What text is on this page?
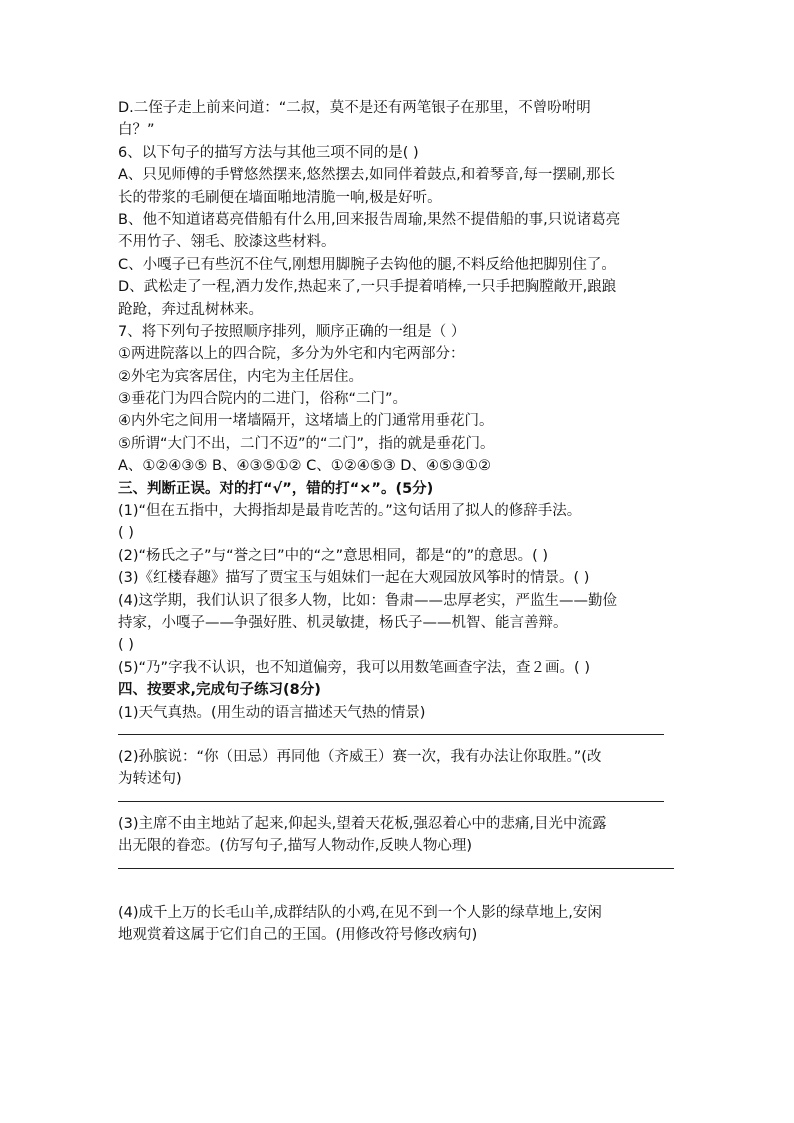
D.二侄子走上前来问道：“二叔，莫不是还有两笔银子在那里，不曾吩咐明
白？”
6、以下句子的描写方法与其他三项不同的是( )
A、只见师傅的手臂悠然摆来,悠然摆去,如同伴着鼓点,和着琴音,每一摆刷,那长
长的带浆的毛刷便在墙面啪地清脆一响,极是好听。
B、他不知道诸葛亮借船有什么用,回来报告周瑜,果然不提借船的事,只说诸葛亮
不用竹子、翎毛、胶漆这些材料。
C、小嘎子已有些沉不住气,刚想用脚腕子去钩他的腿,不料反给他把脚别住了。
D、武松走了一程,酒力发作,热起来了,一只手提着哨棒,一只手把胸膛敞开,踉踉
跄跄，奔过乱树林来。
7、将下列句子按照顺序排列，顺序正确的一组是（ ）
①两进院落以上的四合院，多分为外宅和内宅两部分：
②外宅为宾客居住，内宅为主任居住。
③垂花门为四合院内的二进门，俗称“二门”。
④内外宅之间用一堵墙隔开，这堵墙上的门通常用垂花门。
⑤所谓“大门不出，二门不迈”的“二门”，指的就是垂花门。
A、①②④③⑤ B、④③⑤①② C、①②④⑤③ D、④⑤③①②
三、判断正误。对的打“√”，错的打“×”。(5分)
(1)“但在五指中，大拇指却是最肯吃苦的。”这句话用了拟人的修辞手法。
( )
(2)“杨氏之子”与“誉之曰”中的“之”意思相同，都是“的”的意思。( )
(3)《红楼春趣》描写了贾宝玉与姐妹们一起在大观园放风筝时的情景。( )
(4)这学期，我们认识了很多人物，比如：鲁肃——忠厚老实，严监生——勤俭
持家，小嘎子——争强好胜、机灵敏捷，杨氏子——机智、能言善辩。
( )
(5)“乃”字我不认识，也不知道偏旁，我可以用数笔画查字法，查２画。( )
四、按要求,完成句子练习(8分)
(1)天气真热。(用生动的语言描述天气热的情景)
(2)孙膑说：“你（田忌）再同他（齐威王）赛一次，我有办法让你取胜。”(改
为转述句)
(3)主席不由主地站了起来,仰起头,望着天花板,强忍着心中的悲痛,目光中流露
出无限的眷恋。(仿写句子,描写人物动作,反映人物心理)
(4)成千上万的长毛山羊,成群结队的小鸡,在见不到一个人影的绿草地上,安闲
地观赏着这属于它们自己的王国。(用修改符号修改病句)
